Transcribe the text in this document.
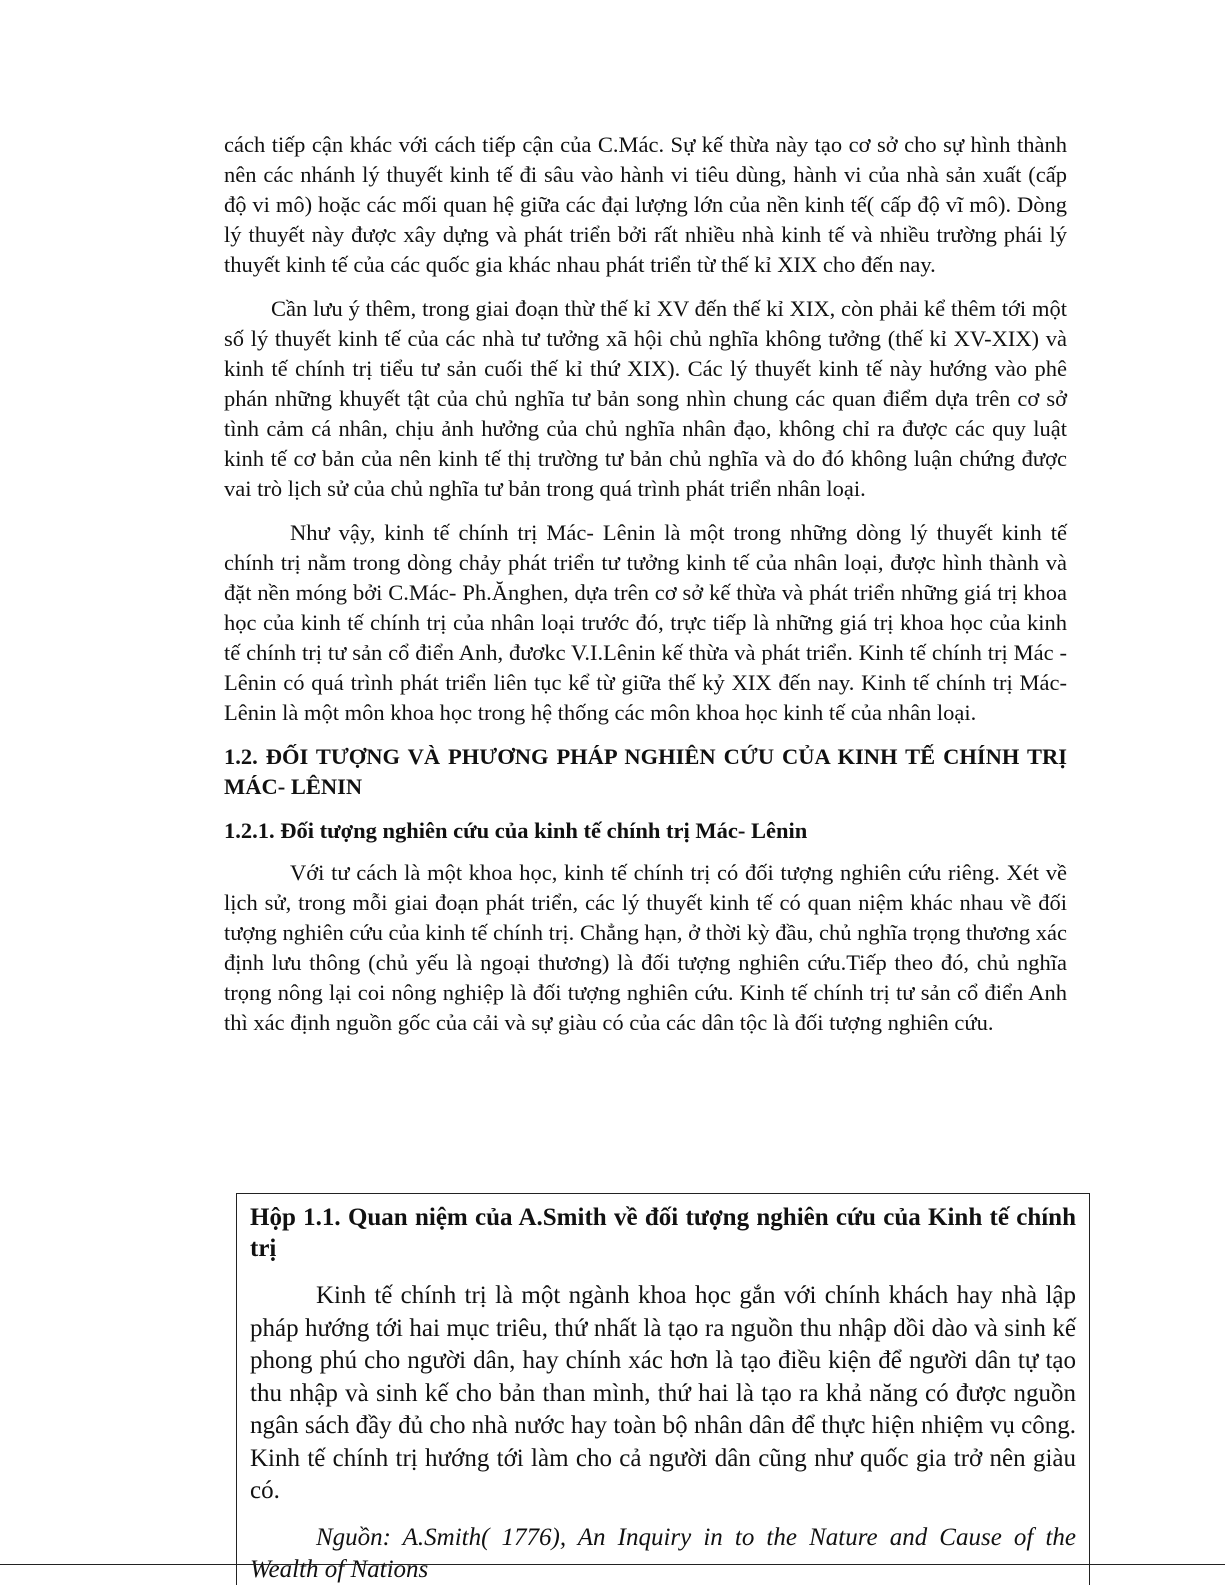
cách tiếp cận khác với cách tiếp cận của C.Mác. Sự kế thừa này tạo cơ sở cho sự hình thành nên các nhánh lý thuyết kinh tế đi sâu vào hành vi tiêu dùng, hành vi của nhà sản xuất (cấp độ vi mô) hoặc các mối quan hệ giữa các đại lượng lớn của nền kinh tế( cấp độ vĩ mô). Dòng lý thuyết này được xây dựng và phát triển bởi rất nhiều nhà kinh tế và nhiều trường phái lý thuyết kinh tế của các quốc gia khác nhau phát triển từ thế kỉ XIX cho đến nay.

Cần lưu ý thêm, trong giai đoạn thừ thế kỉ XV đến thế kỉ XIX, còn phải kể thêm tới một số lý thuyết kinh tế của các nhà tư tưởng xã hội chủ nghĩa không tưởng (thế kỉ XV-XIX) và kinh tế chính trị tiểu tư sản cuối thế kỉ thứ XIX). Các lý thuyết kinh tế này hướng vào phê phán những khuyết tật của chủ nghĩa tư bản song nhìn chung các quan điểm dựa trên cơ sở tình cảm cá nhân, chịu ảnh hưởng của chủ nghĩa nhân đạo, không chỉ ra được các quy luật kinh tế cơ bản của nên kinh tế thị trường tư bản chủ nghĩa và do đó không luận chứng được vai trò lịch sử của chủ nghĩa tư bản trong quá trình phát triển nhân loại.

Như vậy, kinh tế chính trị Mác- Lênin là một trong những dòng lý thuyết kinh tế chính trị nằm trong dòng chảy phát triển tư tưởng kinh tế của nhân loại, được hình thành và đặt nền móng bởi C.Mác- Ph.Ănghen, dựa trên cơ sở kế thừa và phát triển những giá trị khoa học của kinh tế chính trị của nhân loại trước đó, trực tiếp là những giá trị khoa học của kinh tế chính trị tư sản cổ điển Anh, đươkc V.I.Lênin kế thừa và phát triển. Kinh tế chính trị Mác - Lênin có quá trình phát triển liên tục kể từ giữa thế kỷ XIX đến nay. Kinh tế chính trị Mác- Lênin là một môn khoa học trong hệ thống các môn khoa học kinh tế của nhân loại.

1.2. ĐỐI TƯỢNG VÀ PHƯƠNG PHÁP NGHIÊN CỨU CỦA KINH TẾ CHÍNH TRỊ MÁC- LÊNIN
1.2.1. Đối tượng nghiên cứu của kinh tế chính trị Mác- Lênin

Với tư cách là một khoa học, kinh tế chính trị có đối tượng nghiên cứu riêng. Xét về lịch sử, trong mỗi giai đoạn phát triển, các lý thuyết kinh tế có quan niệm khác nhau về đối tượng nghiên cứu của kinh tế chính trị. Chẳng hạn, ở thời kỳ đầu, chủ nghĩa trọng thương xác định lưu thông (chủ yếu là ngoại thương) là đối tượng nghiên cứu.Tiếp theo đó, chủ nghĩa trọng nông lại coi nông nghiệp là đối tượng nghiên cứu. Kinh tế chính trị tư sản cổ điển Anh thì xác định nguồn gốc của cải và sự giàu có của các dân tộc là đối tượng nghiên cứu.

Hộp 1.1. Quan niệm của A.Smith về đối tượng nghiên cứu của Kinh tế chính trị

Kinh tế chính trị là một ngành khoa học gắn với chính khách hay nhà lập pháp hướng tới hai mục triêu, thứ nhất là tạo ra nguồn thu nhập dồi dào và sinh kế phong phú cho người dân, hay chính xác hơn là tạo điều kiện để người dân tự tạo thu nhập và sinh kế cho bản than mình, thứ hai là tạo ra khả năng có được nguồn ngân sách đầy đủ cho nhà nước hay toàn bộ nhân dân để thực hiện nhiệm vụ công. Kinh tế chính trị hướng tới làm cho cả người dân cũng như quốc gia trở nên giàu có.

Nguồn: A.Smith( 1776), An Inquiry in to the Nature and Cause of the Wealth of Nations
